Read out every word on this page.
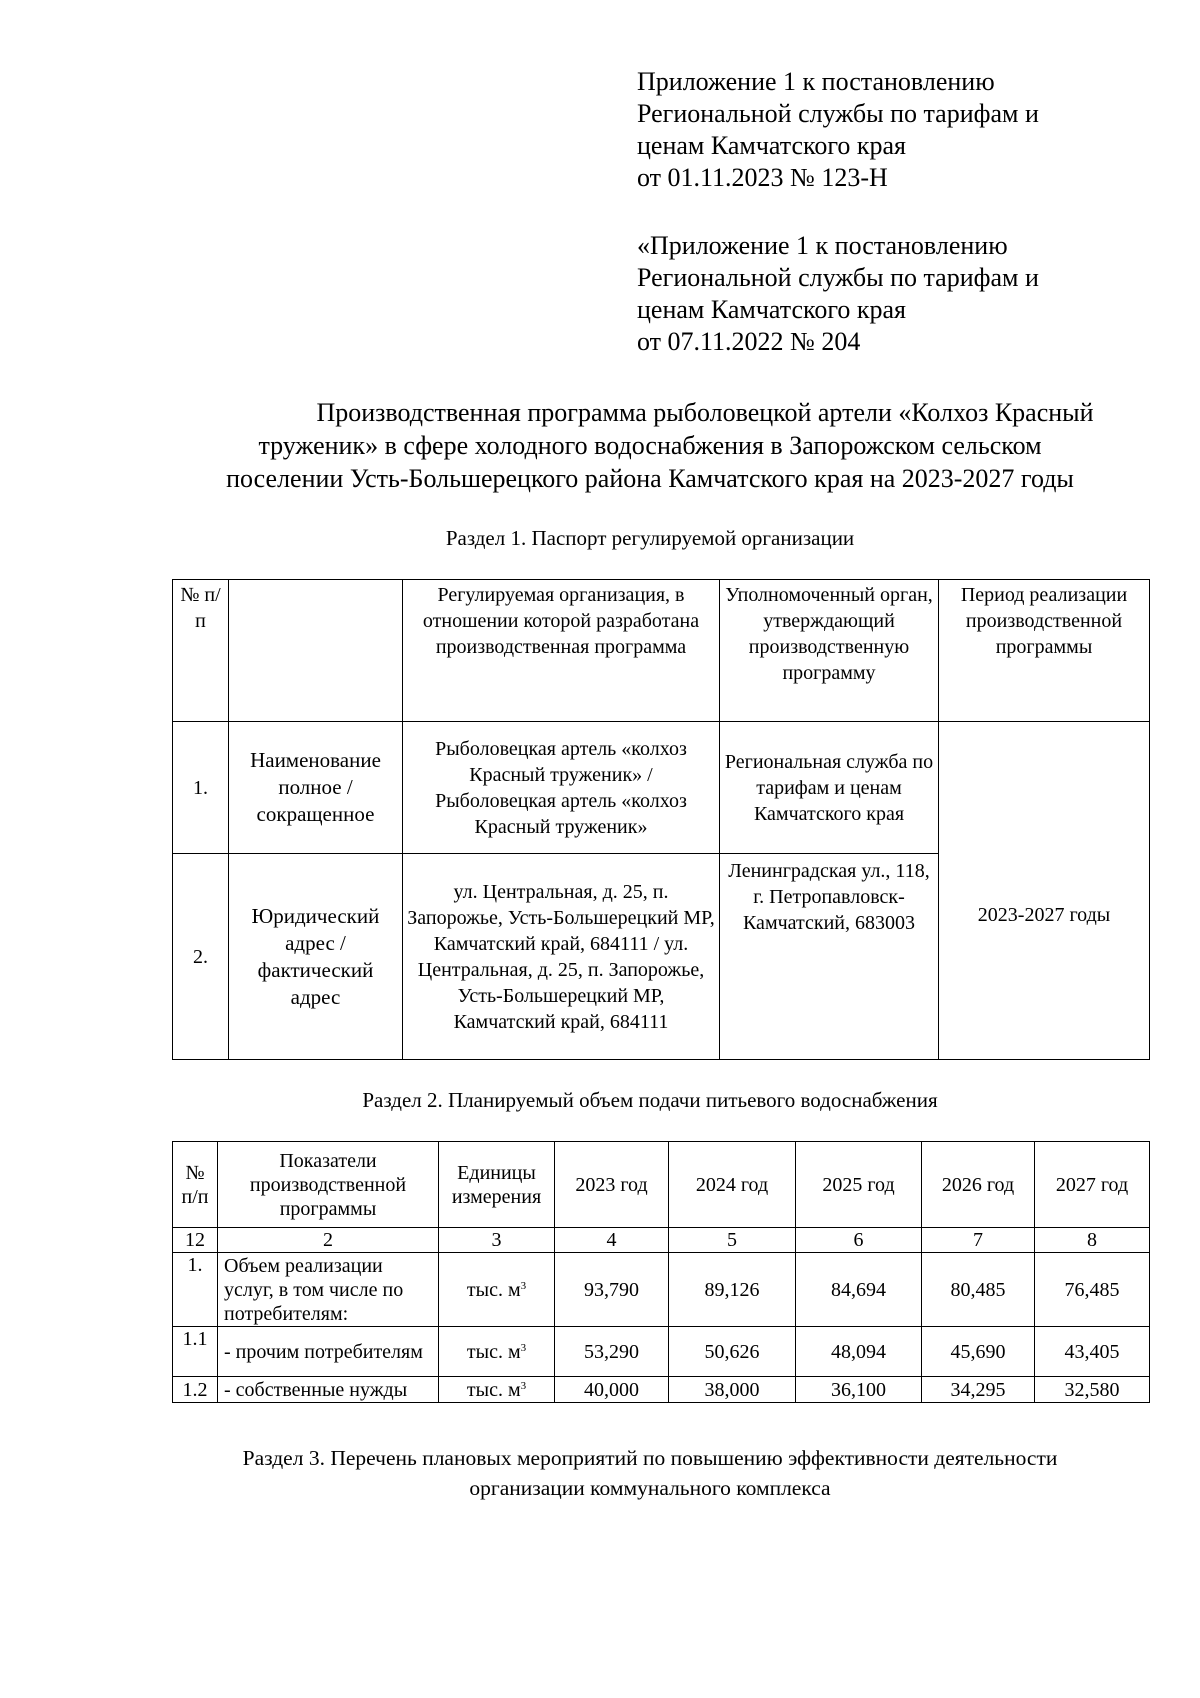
Приложение 1 к постановлению
Региональной службы по тарифам и
ценам Камчатского края
от 01.11.2023 № 123-Н
«Приложение 1 к постановлению
Региональной службы по тарифам и
ценам Камчатского края
от 07.11.2022 № 204
Производственная программа рыболовецкой артели «Колхоз Красный
труженик» в сфере холодного водоснабжения в Запорожском сельском
поселении Усть-Большерецкого района Камчатского края на 2023-2027 годы
Раздел 1. Паспорт регулируемой организации
№ п/п		Регулируемая организация, в отношении которой разработана производственная программа	Уполномоченный орган, утверждающий производственную программу	Период реализации производственной программы
1.	Наименование полное / сокращенное	Рыболовецкая артель «колхоз Красный труженик» / Рыболовецкая артель «колхоз Красный труженик»	Региональная служба по тарифам и ценам Камчатского края	2023-2027 годы
2.	Юридический адрес / фактический адрес	ул. Центральная, д. 25, п. Запорожье, Усть-Большерецкий МР, Камчатский край, 684111 / ул. Центральная, д. 25, п. Запорожье, Усть-Большерецкий МР, Камчатский край, 684111	Ленинградская ул., 118, г. Петропавловск-Камчатский, 683003	
Раздел 2. Планируемый объем подачи питьевого водоснабжения
№ п/п	Показатели производственной программы	Единицы измерения	2023 год	2024 год	2025 год	2026 год	2027 год
12	2	3	4	5	6	7	8
1.	Объем реализации услуг, в том числе по потребителям:	тыс. $м^3$	93,790	89,126	84,694	80,485	76,485
1.1	- прочим потребителям	тыс. $м^3$	53,290	50,626	48,094	45,690	43,405
1.2	- собственные нужды	тыс. $м^3$	40,000	38,000	36,100	34,295	32,580
Раздел 3. Перечень плановых мероприятий по повышению эффективности деятельности
организации коммунального комплекса
